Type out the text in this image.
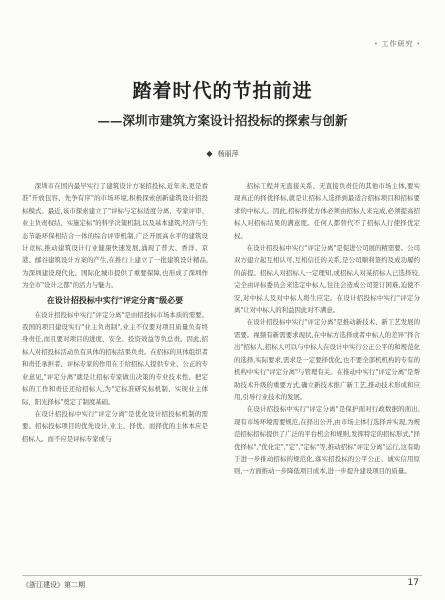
• 工作研究 •
踏着时代的节拍前进
——深圳市建筑方案设计招投标的探索与创新
◆ 杨丽萍

深圳市在国内最早实行了建筑设计方案招投标,近年来,更是看准"开放包容、先争有序"的市场环境,积极探索创新建筑设计招投标模式。最近,该市探索建立了"评标与定标适度分离、专家评审、业主负责权结、实施定标"的科学决策机制,以及基本建筑,经济与生态节能环保相结合一体的综合评审机制,广泛开展高水平的建筑设计竞标,推动建筑设计行业健康快速发展,涌现了普大、香洋、京港、邮谷建筑设计方案的产生,在推行上建立了一批建筑设计精品,为深圳建设现代化、国际化城市提供了重要保障,也形成了深圳作为全市"设计之都"的活力与魅力。

在设计招投标中实行"评定分离"级必要

在设计招投标中实行"评定分离"是由招投标市场本质的需要。我国的项目建设实行"业主负责制",业主不仅要对项目质量负有终身责任,而且要对项目的进度、安全、投资效益等负总责。因此,招标人对招投标活动负有具体的招标结果负责。在招标的具体组织者和责任承担者、评标专家的作用在于给招标人提供专业、公正的专业意见,"评定分离"就是让招标专家做出决策的专业技术性、把定标的工作和责任还给招标人,为"定标准研究标机制、实现业主体际、阳光择标"奠定了制度基础。

在设计招投标中实行"评定分离"是优化设计招投标机制的需要。招标投标项目的优先设计,业主、择优、而择优的主体本应是招标人。而不应是评标专家或与

招标工程并无直接关系、无直接负责任的其他市场主体,要实现真正的择优择标,就是让招标人选择到最适合招标项目和招标要求的中标人。因此,招标择优方体必须由招标人来完成,必须提高招标人对招标结果的满意度。任何人都替代不了招标人行使择优定权。

在设计招投标中实行"评定分离"是促进公司展的精需要。公司双方建立起互相认可,互相信任的关系,是公司顺利签约及成功履约的前提。招标人对招标人一定理知,或招标人对某招标人已选择较,完全由评标委员会来选定中标人,往往会造成公司签订困难,迫使不安,对中标人及对中标人将生应定。在设计招投标中实行"评定分离"让对中标人的利益因此对不满意。

在设计招投标中实行"评定分离"是推动新技术、新工艺发展的需要。视频有新需要求现状,在中标方选择或者中标人的差异"择合出"招标人,招标人可以与中标人在设计中实行公正公平的和规范化的选择,实际要求,需求是一定要择优化,也不要全部机机构的专有的机构中实行"评定分离"与管理有关。在推动中实行"评定分离"是帮助技术升级的重要方式,确立新技术推广新工艺,推动技术形成和应用,引导行业技术的发展。

在设计招投标中实行"评定分离"是保护面对行政数据的面出,现有市场环境需要规范,在择出公开,由市场主体行选择并实现,为规范招标招标提供了广泛的平台机会和规则,发挥特定的招标形式,"择优择标","优化定","定","定标"等,推动招标"评定分离"运行,这有助于进一步推动招标的规范化,落实招投标的公平公正、诚实信用原则,一方面推动一步降低项目成本,进一步提升建设项目的质量。

《浙江建设》第二期	17
